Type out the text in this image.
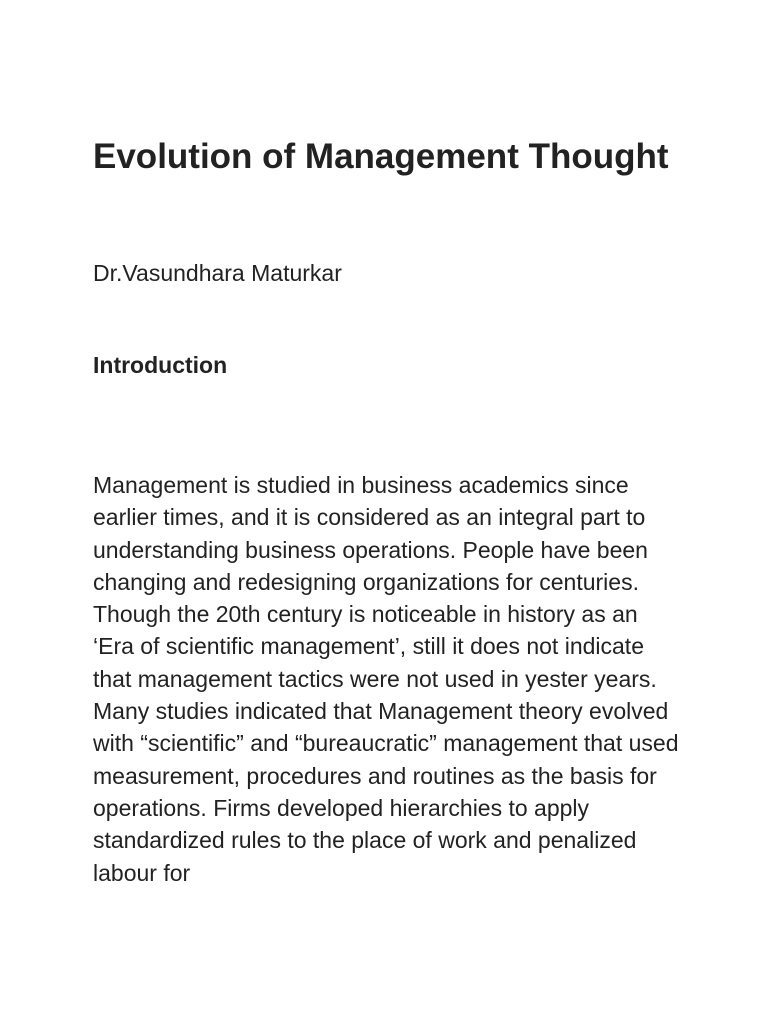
Evolution of Management Thought

Dr.Vasundhara Maturkar

Introduction

Management is studied in business academics since earlier times, and it is considered as an integral part to understanding business operations. People have been changing and redesigning organizations for centuries. Though the 20th century is noticeable in history as an ‘Era of scientific management’, still it does not indicate that management tactics were not used in yester years. Many studies indicated that Management theory evolved with “scientific” and “bureaucratic” management that used measurement, procedures and routines as the basis for operations. Firms developed hierarchies to apply standardized rules to the place of work and penalized labour for
